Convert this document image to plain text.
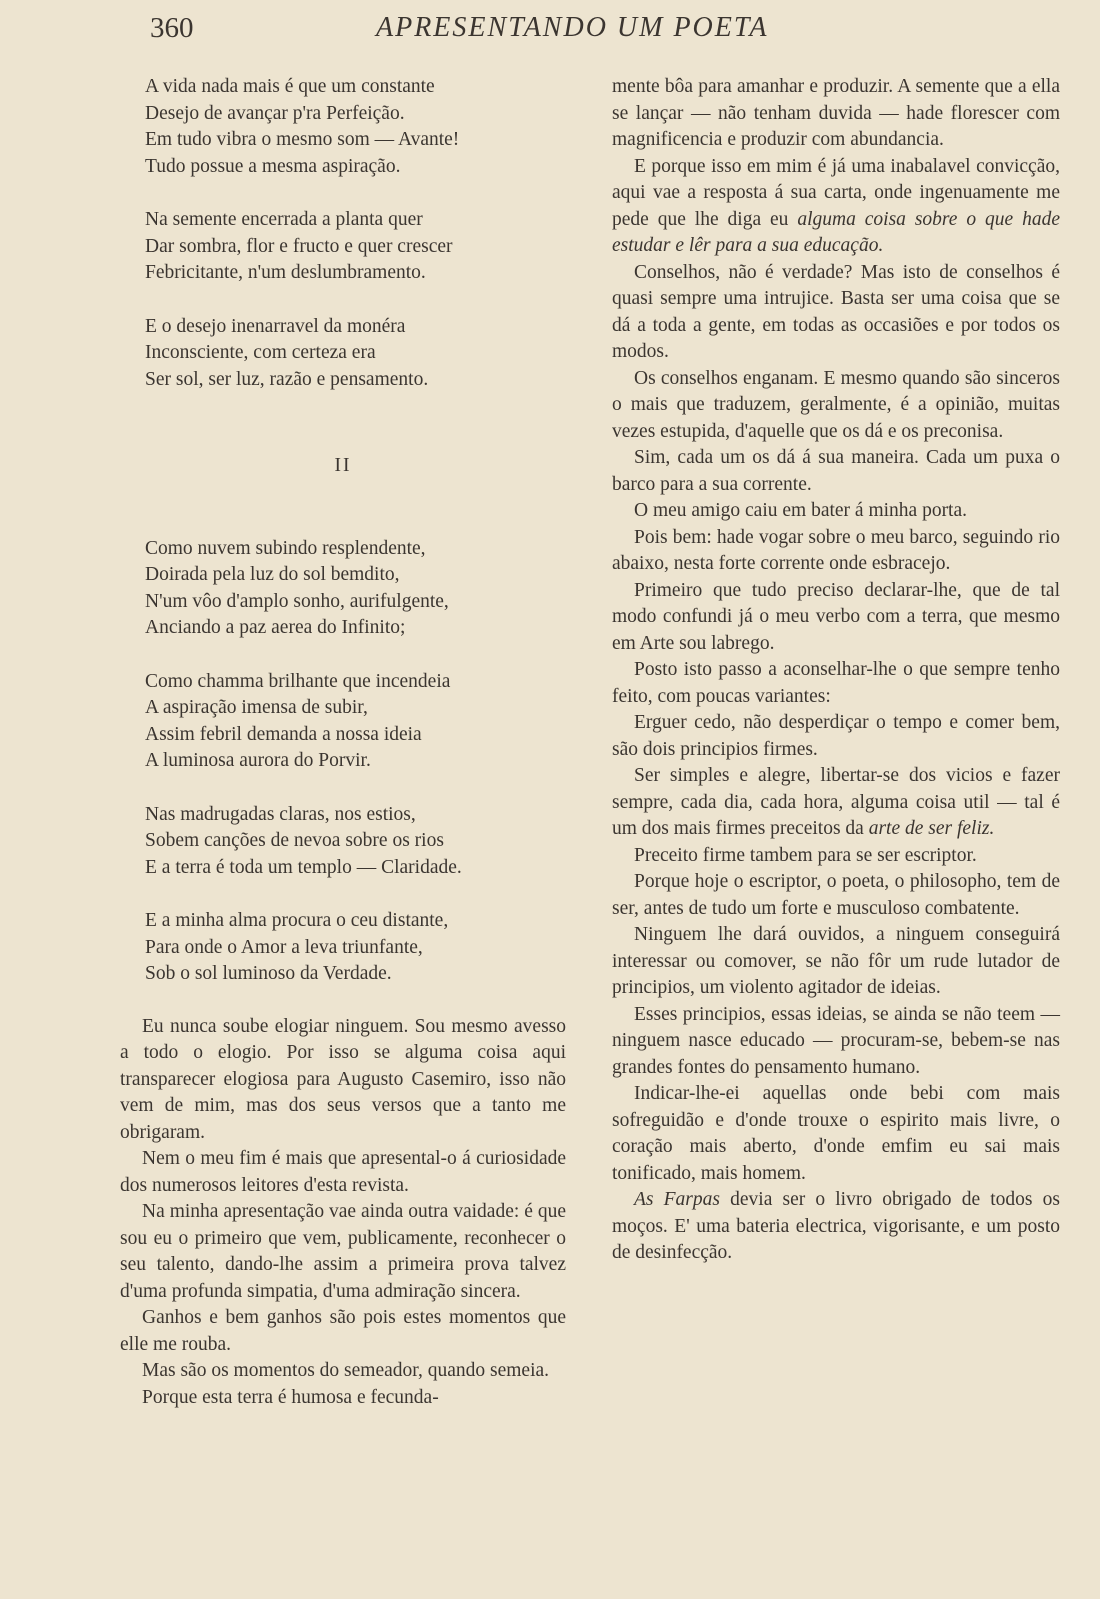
360	APRESENTANDO UM POETA
A vida nada mais é que um constante
Desejo de avançar p'ra Perfeição.
Em tudo vibra o mesmo som — Avante!
Tudo possue a mesma aspiração.
Na semente encerrada a planta quer
Dar sombra, flor e fructo e quer crescer
Febricitante, n'um deslumbramento.
E o desejo inenarravel da monéra
Inconsciente, com certeza era
Ser sol, ser luz, razão e pensamento.
II
Como nuvem subindo resplendente,
Doirada pela luz do sol bemdito,
N'um vôo d'amplo sonho, aurifulgente,
Anciando a paz aerea do Infinito;
Como chamma brilhante que incendeia
A aspiração imensa de subir,
Assim febril demanda a nossa ideia
A luminosa aurora do Porvir.
Nas madrugadas claras, nos estios,
Sobem canções de nevoa sobre os rios
E a terra é toda um templo — Claridade.
E a minha alma procura o ceu distante,
Para onde o Amor a leva triunfante,
Sob o sol luminoso da Verdade.

Eu nunca soube elogiar ninguem. Sou mesmo avesso a todo o elogio. Por isso se alguma coisa aqui transparecer elogiosa para Augusto Casemiro, isso não vem de mim, mas dos seus versos que a tanto me obrigaram.

Nem o meu fim é mais que apresental-o á curiosidade dos numerosos leitores d'esta revista.

Na minha apresentação vae ainda outra vaidade: é que sou eu o primeiro que vem, publicamente, reconhecer o seu talento, dando-lhe assim a primeira prova talvez d'uma profunda simpatia, d'uma admiração sincera.

Ganhos e bem ganhos são pois estes momentos que elle me rouba.

Mas são os momentos do semeador, quando semeia.

Porque esta terra é humosa e fecunda-

mente bôa para amanhar e produzir. A semente que a ella se lançar — não tenham duvida — hade florescer com magnificencia e produzir com abundancia.

E porque isso em mim é já uma inabalavel convicção, aqui vae a resposta á sua carta, onde ingenuamente me pede que lhe diga eu alguma coisa sobre o que hade estudar e lêr para a sua educação.

Conselhos, não é verdade? Mas isto de conselhos é quasi sempre uma intrujice. Basta ser uma coisa que se dá a toda a gente, em todas as occasiões e por todos os modos.

Os conselhos enganam. E mesmo quando são sinceros o mais que traduzem, geralmente, é a opinião, muitas vezes estupida, d'aquelle que os dá e os preconisa.

Sim, cada um os dá á sua maneira. Cada um puxa o barco para a sua corrente.

O meu amigo caiu em bater á minha porta.

Pois bem: hade vogar sobre o meu barco, seguindo rio abaixo, nesta forte corrente onde esbracejo.

Primeiro que tudo preciso declarar-lhe, que de tal modo confundi já o meu verbo com a terra, que mesmo em Arte sou labrego.

Posto isto passo a aconselhar-lhe o que sempre tenho feito, com poucas variantes:

Erguer cedo, não desperdiçar o tempo e comer bem, são dois principios firmes.

Ser simples e alegre, libertar-se dos vicios e fazer sempre, cada dia, cada hora, alguma coisa util — tal é um dos mais firmes preceitos da arte de ser feliz.

Preceito firme tambem para se ser escriptor.

Porque hoje o escriptor, o poeta, o philosopho, tem de ser, antes de tudo um forte e musculoso combatente.

Ninguem lhe dará ouvidos, a ninguem conseguirá interessar ou comover, se não fôr um rude lutador de principios, um violento agitador de ideias.

Esses principios, essas ideias, se ainda se não teem — ninguem nasce educado — procuram-se, bebem-se nas grandes fontes do pensamento humano.

Indicar-lhe-ei aquellas onde bebi com mais sofreguidão e d'onde trouxe o espirito mais livre, o coração mais aberto, d'onde emfim eu sai mais tonificado, mais homem.

As Farpas devia ser o livro obrigado de todos os moços. E' uma bateria electrica, vigorisante, e um posto de desinfecção.
